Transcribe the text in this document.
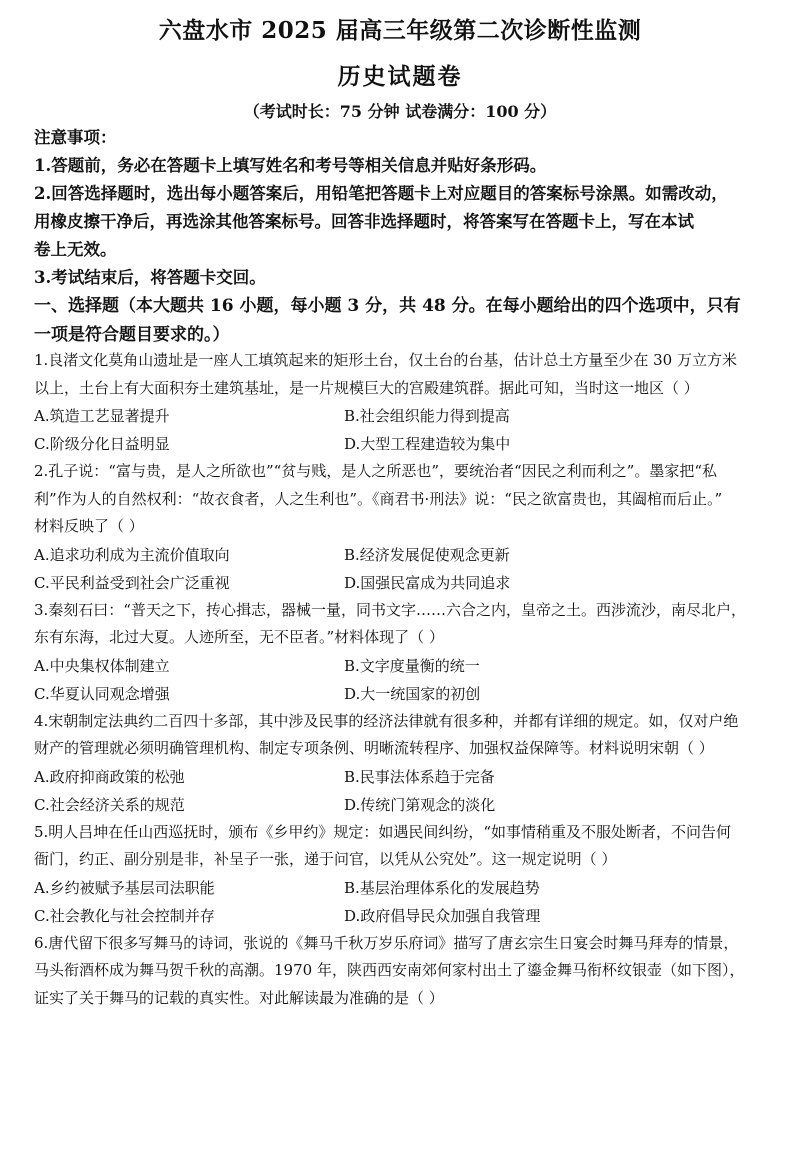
六盘水市 2025 届高三年级第二次诊断性监测
历史试题卷
（考试时长：75 分钟 试卷满分：100 分）

注意事项：

1.答题前，务必在答题卡上填写姓名和考号等相关信息并贴好条形码。

2.回答选择题时，选出每小题答案后，用铅笔把答题卡上对应题目的答案标号涂黑。如需改动，

用橡皮擦干净后，再选涂其他答案标号。回答非选择题时，将答案写在答题卡上，写在本试

卷上无效。

3.考试结束后，将答题卡交回。

一、选择题（本大题共 16 小题，每小题 3 分，共 48 分。在每小题给出的四个选项中，只有

一项是符合题目要求的。）

1.良渚文化莫角山遗址是一座人工填筑起来的矩形土台，仅土台的台基，估计总土方量至少在 30 万立方米

以上，土台上有大面积夯土建筑基址，是一片规模巨大的宫殿建筑群。据此可知，当时这一地区（ ）

A.筑造工艺显著提升	B.社会组织能力得到提高
C.阶级分化日益明显	D.大型工程建造较为集中

2.孔子说：“富与贵，是人之所欲也”“贫与贱，是人之所恶也”，要统治者“因民之利而利之”。墨家把“私

利”作为人的自然权利：“故衣食者，人之生利也”。《商君书·刑法》说：“民之欲富贵也，其阖棺而后止。”

材料反映了（ ）

A.追求功利成为主流价值取向	B.经济发展促使观念更新
C.平民利益受到社会广泛重视	D.国强民富成为共同追求

3.秦刻石曰：“普天之下，抟心揖志，器械一量，同书文字……六合之内，皇帝之土。西涉流沙，南尽北户，

东有东海，北过大夏。人迹所至，无不臣者。”材料体现了（ ）

A.中央集权体制建立	B.文字度量衡的统一
C.华夏认同观念增强	D.大一统国家的初创

4.宋朝制定法典约二百四十多部，其中涉及民事的经济法律就有很多种，并都有详细的规定。如，仅对户绝

财产的管理就必须明确管理机构、制定专项条例、明晰流转程序、加强权益保障等。材料说明宋朝（ ）

A.政府抑商政策的松弛	B.民事法体系趋于完备
C.社会经济关系的规范	D.传统门第观念的淡化

5.明人吕坤在任山西巡抚时，颁布《乡甲约》规定：如遇民间纠纷，“如事情稍重及不服处断者，不问告何

衙门，约正、副分别是非，补呈子一张，递于问官，以凭从公究处”。这一规定说明（ ）

A.乡约被赋予基层司法职能	B.基层治理体系化的发展趋势
C.社会教化与社会控制并存	D.政府倡导民众加强自我管理

6.唐代留下很多写舞马的诗词，张说的《舞马千秋万岁乐府词》描写了唐玄宗生日宴会时舞马拜寿的情景，

马头衔酒杯成为舞马贺千秋的高潮。1970 年，陕西西安南郊何家村出土了鎏金舞马衔杯纹银壶（如下图），

证实了关于舞马的记载的真实性。对此解读最为准确的是（ ）
